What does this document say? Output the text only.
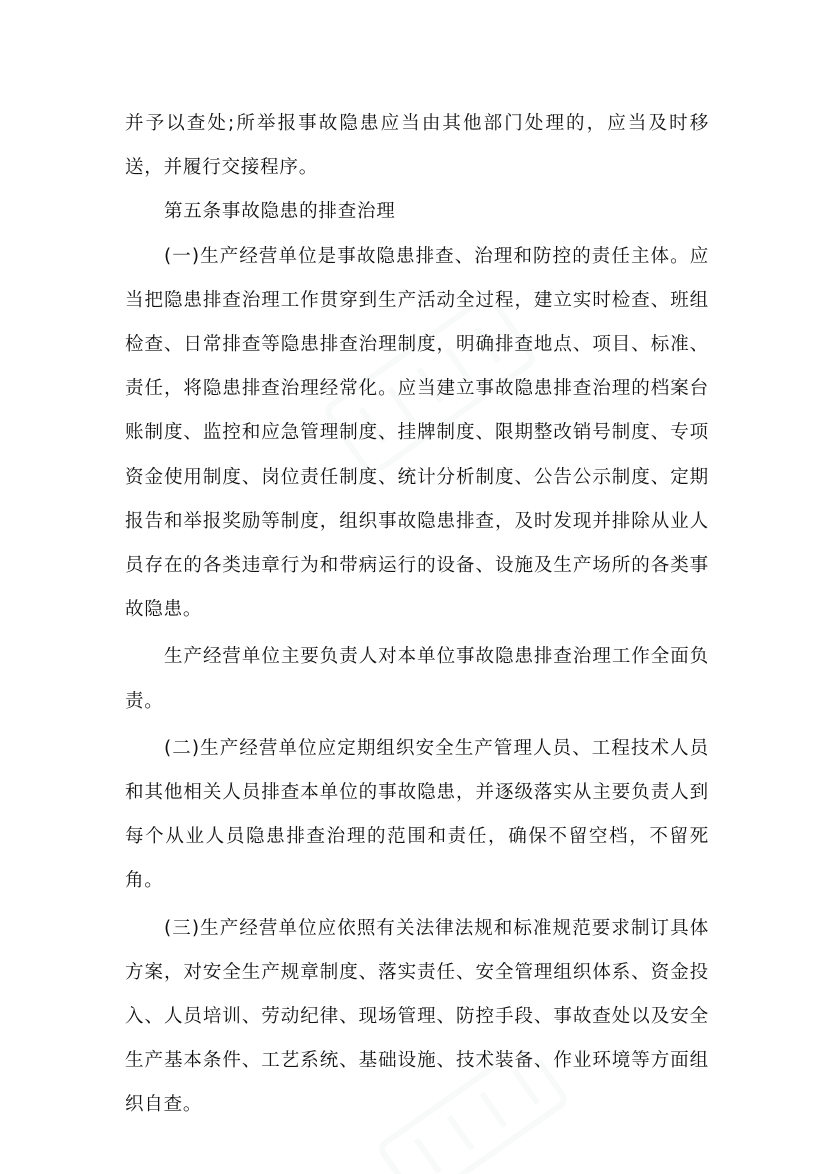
并予以查处;所举报事故隐患应当由其他部门处理的，应当及时移送，并履行交接程序。

第五条事故隐患的排查治理

(一)生产经营单位是事故隐患排查、治理和防控的责任主体。应当把隐患排查治理工作贯穿到生产活动全过程，建立实时检查、班组检查、日常排查等隐患排查治理制度，明确排查地点、项目、标准、责任，将隐患排查治理经常化。应当建立事故隐患排查治理的档案台账制度、监控和应急管理制度、挂牌制度、限期整改销号制度、专项资金使用制度、岗位责任制度、统计分析制度、公告公示制度、定期报告和举报奖励等制度，组织事故隐患排查，及时发现并排除从业人员存在的各类违章行为和带病运行的设备、设施及生产场所的各类事故隐患。

生产经营单位主要负责人对本单位事故隐患排查治理工作全面负责。

(二)生产经营单位应定期组织安全生产管理人员、工程技术人员和其他相关人员排查本单位的事故隐患，并逐级落实从主要负责人到每个从业人员隐患排查治理的范围和责任，确保不留空档，不留死角。

(三)生产经营单位应依照有关法律法规和标准规范要求制订具体方案，对安全生产规章制度、落实责任、安全管理组织体系、资金投入、人员培训、劳动纪律、现场管理、防控手段、事故查处以及安全生产基本条件、工艺系统、基础设施、技术装备、作业环境等方面组织自查。
